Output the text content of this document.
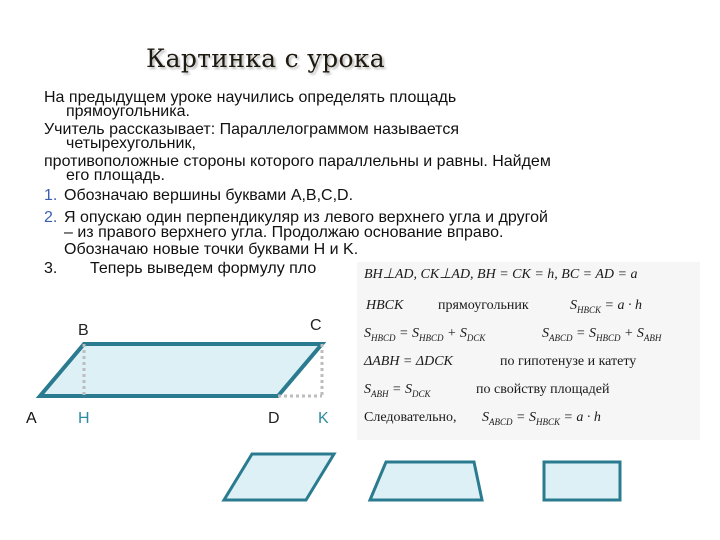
Картинка с урока
На предыдущем уроке научились определять площадь
прямоугольника.
Учитель рассказывает: Параллелограммом называется
четырехугольник,
противоположные стороны которого параллельны и равны. Найдем
его площадь.
1. Обозначаю вершины буквами A,B,C,D.
2. Я опускаю один перпендикуляр из левого верхнего угла и другой
– из правого верхнего угла. Продолжаю основание вправо.
Обозначаю новые точки буквами H и K.
3. Теперь выведем формулу пло
B	C
A	H	D K
BH⊥AD, CK⊥AD, BH = CK = h, BC = AD = a
HBCK прямоугольник	$S_{HBCK} = a \cdot h$
$S_{HBCD} = S_{HBCD} + S_{DCK}$	$S_{ABCD} = S_{HBCD} + S_{ABH}$
ΔABH = ΔDCK	по гипотенузе и катету
$S_{ABH} = S_{DCK}$	по свойству площадей
Следовательно, $S_{ABCD} = S_{HBCK} = a \cdot h$
